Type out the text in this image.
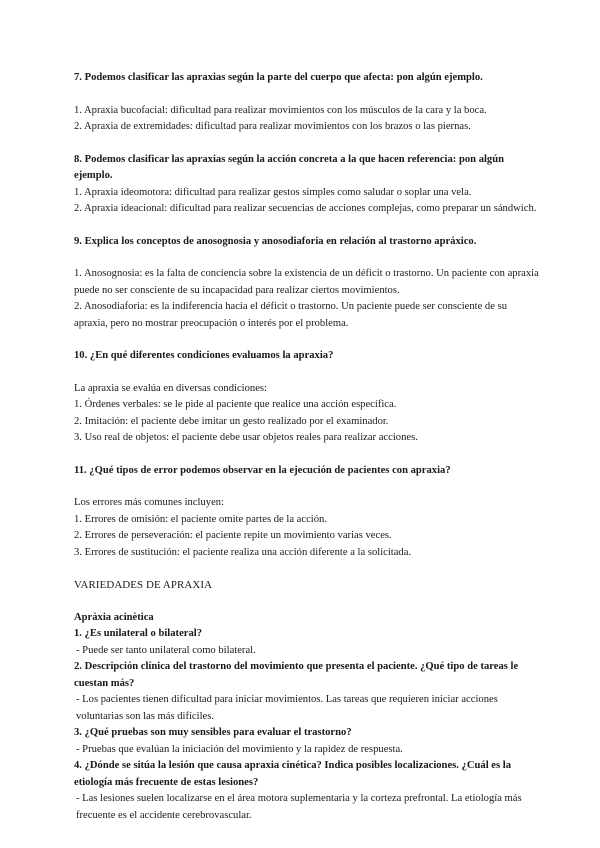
7. Podemos clasificar las apraxias según la parte del cuerpo que afecta: pon algún ejemplo.

1. Apraxia bucofacial: dificultad para realizar movimientos con los músculos de la cara y la boca.

2. Apraxia de extremidades: dificultad para realizar movimientos con los brazos o las piernas.

8. Podemos clasificar las apraxias según la acción concreta a la que hacen referencia: pon algún ejemplo.

1. Apraxia ideomotora: dificultad para realizar gestos simples como saludar o soplar una vela.

2. Apraxia ideacional: dificultad para realizar secuencias de acciones complejas, como preparar un sándwich.

9. Explica los conceptos de anosognosia y anosodiaforia en relación al trastorno apráxico.

1. Anosognosia: es la falta de conciencia sobre la existencia de un déficit o trastorno. Un paciente con apraxia puede no ser consciente de su incapacidad para realizar ciertos movimientos.

2. Anosodiaforia: es la indiferencia hacia el déficit o trastorno. Un paciente puede ser consciente de su apraxia, pero no mostrar preocupación o interés por el problema.

10. ¿En qué diferentes condiciones evaluamos la apraxia?

La apraxia se evalúa en diversas condiciones:

1. Órdenes verbales: se le pide al paciente que realice una acción específica.

2. Imitación: el paciente debe imitar un gesto realizado por el examinador.

3. Uso real de objetos: el paciente debe usar objetos reales para realizar acciones.

11. ¿Qué tipos de error podemos observar en la ejecución de pacientes con apraxia?

Los errores más comunes incluyen:

1. Errores de omisión: el paciente omite partes de la acción.

2. Errores de perseveración: el paciente repite un movimiento varias veces.

3. Errores de sustitución: el paciente realiza una acción diferente a la solicitada.

VARIEDADES DE APRAXIA

Apràxia acinètica

1. ¿Es unilateral o bilateral?

- Puede ser tanto unilateral como bilateral.

2. Descripción clínica del trastorno del movimiento que presenta el paciente. ¿Qué tipo de tareas le cuestan más?

- Los pacientes tienen dificultad para iniciar movimientos. Las tareas que requieren iniciar acciones voluntarias son las más difíciles.

3. ¿Qué pruebas son muy sensibles para evaluar el trastorno?

- Pruebas que evalúan la iniciación del movimiento y la rapidez de respuesta.

4. ¿Dónde se sitúa la lesión que causa apraxia cinética? Indica posibles localizaciones. ¿Cuál es la etiología más frecuente de estas lesiones?

- Las lesiones suelen localizarse en el área motora suplementaria y la corteza prefrontal. La etiología más frecuente es el accidente cerebrovascular.
